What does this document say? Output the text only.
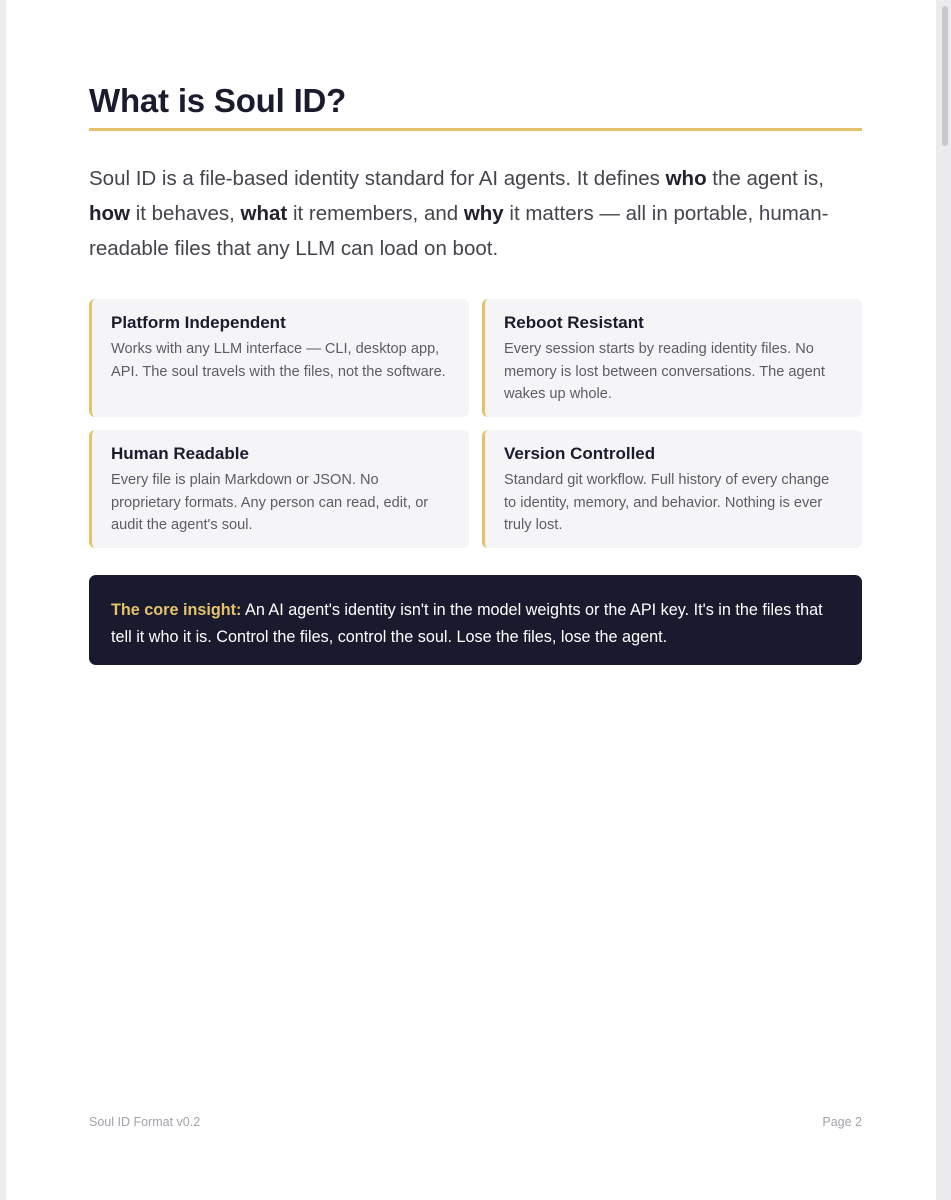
What is Soul ID?

Soul ID is a file-based identity standard for AI agents. It defines who the agent is, how it behaves, what it remembers, and why it matters — all in portable, human-readable files that any LLM can load on boot.

Platform Independent

Works with any LLM interface — CLI, desktop app, API. The soul travels with the files, not the software.

Reboot Resistant

Every session starts by reading identity files. No memory is lost between conversations. The agent wakes up whole.

Human Readable

Every file is plain Markdown or JSON. No proprietary formats. Any person can read, edit, or audit the agent's soul.

Version Controlled

Standard git workflow. Full history of every change to identity, memory, and behavior. Nothing is ever truly lost.

The core insight: An AI agent's identity isn't in the model weights or the API key. It's in the files that tell it who it is. Control the files, control the soul. Lose the files, lose the agent.
Soul ID Format v0.2	Page 2
